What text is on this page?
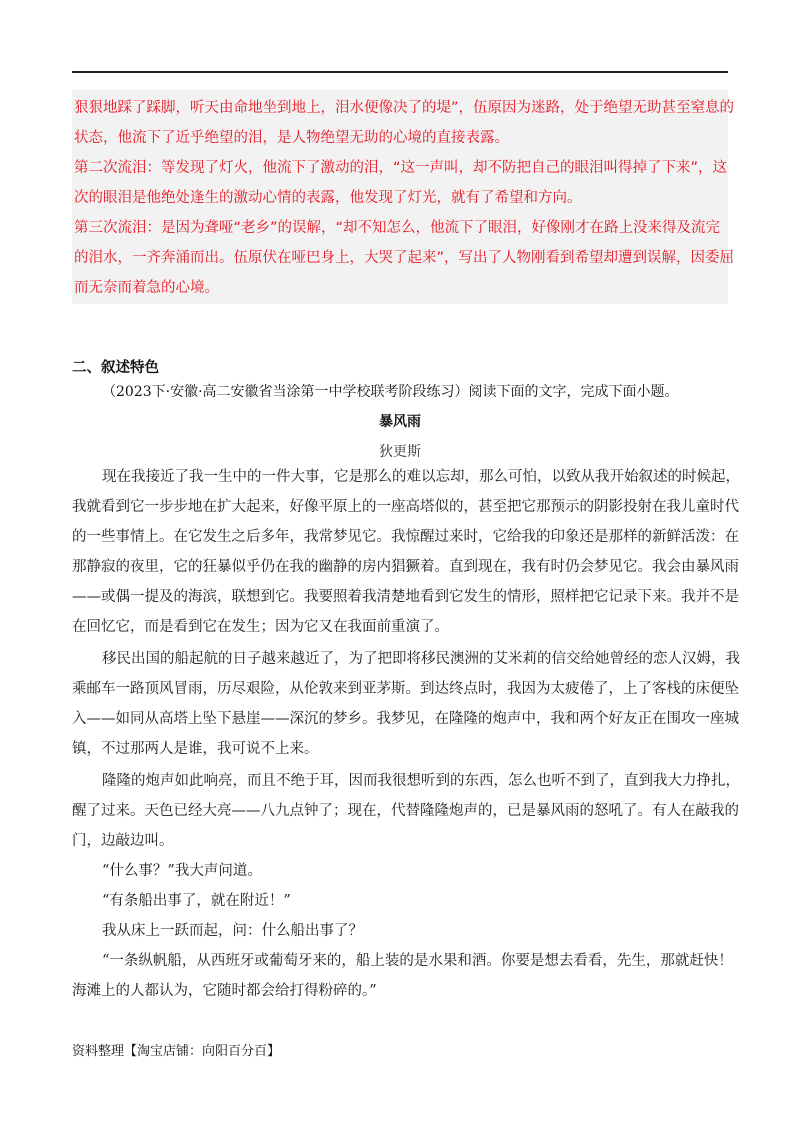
狠狠地踩了踩脚，听天由命地坐到地上，泪水便像决了的堤”，伍原因为迷路，处于绝望无助甚至窒息的
状态，他流下了近乎绝望的泪，是人物绝望无助的心境的直接表露。
第二次流泪：等发现了灯火，他流下了激动的泪，“这一声叫，却不防把自己的眼泪叫得掉了下来”，这
次的眼泪是他绝处逢生的激动心情的表露，他发现了灯光，就有了希望和方向。
第三次流泪：是因为聋哑“老乡”的误解，“却不知怎么，他流下了眼泪，好像刚才在路上没来得及流完
的泪水，一齐奔涌而出。伍原伏在哑巴身上，大哭了起来”，写出了人物刚看到希望却遭到误解，因委屈
而无奈而着急的心境。
二、叙述特色
（2023下·安徽·高二安徽省当涂第一中学校联考阶段练习）阅读下面的文字，完成下面小题。
暴风雨
狄更斯
现在我接近了我一生中的一件大事，它是那么的难以忘却，那么可怕，以致从我开始叙述的时候起，
我就看到它一步步地在扩大起来，好像平原上的一座高塔似的，甚至把它那预示的阴影投射在我儿童时代
的一些事情上。在它发生之后多年，我常梦见它。我惊醒过来时，它给我的印象还是那样的新鲜活泼：在
那静寂的夜里，它的狂暴似乎仍在我的幽静的房内猖獗着。直到现在，我有时仍会梦见它。我会由暴风雨
——或偶一提及的海滨，联想到它。我要照着我清楚地看到它发生的情形，照样把它记录下来。我并不是
在回忆它，而是看到它在发生；因为它又在我面前重演了。
移民出国的船起航的日子越来越近了，为了把即将移民澳洲的艾米莉的信交给她曾经的恋人汉姆，我
乘邮车一路顶风冒雨，历尽艰险，从伦敦来到亚茅斯。到达终点时，我因为太疲倦了，上了客栈的床便坠
入——如同从高塔上坠下悬崖——深沉的梦乡。我梦见，在隆隆的炮声中，我和两个好友正在围攻一座城
镇，不过那两人是谁，我可说不上来。
隆隆的炮声如此响亮，而且不绝于耳，因而我很想听到的东西，怎么也听不到了，直到我大力挣扎，
醒了过来。天色已经大亮——八九点钟了；现在，代替隆隆炮声的，已是暴风雨的怒吼了。有人在敲我的
门，边敲边叫。
“什么事？”我大声问道。
“有条船出事了，就在附近！”
我从床上一跃而起，问：什么船出事了？
“一条纵帆船，从西班牙或葡萄牙来的，船上装的是水果和酒。你要是想去看看，先生，那就赶快！
海滩上的人都认为，它随时都会给打得粉碎的。”
资料整理【淘宝店铺：向阳百分百】
